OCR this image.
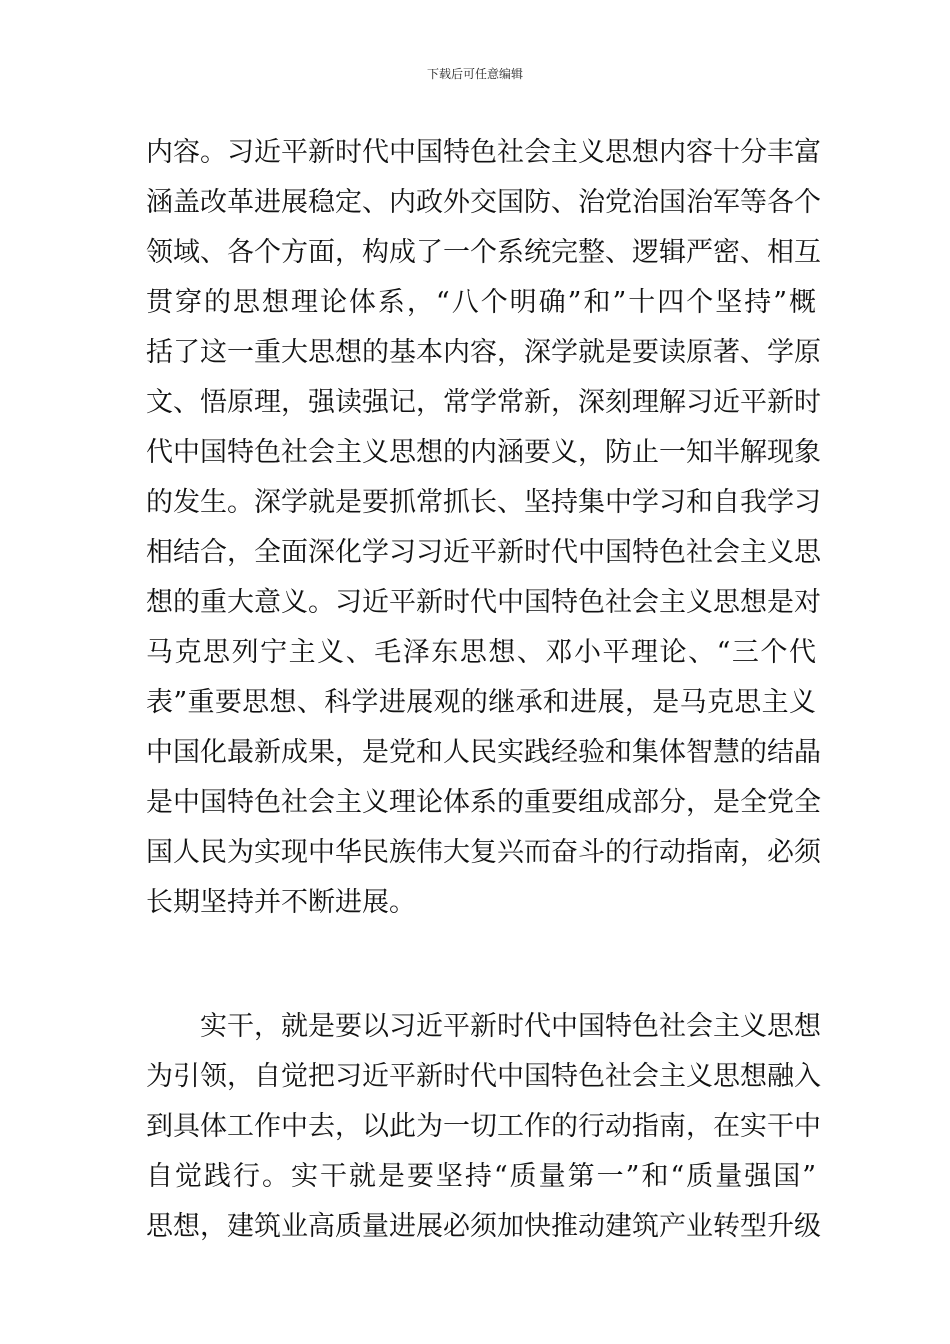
下载后可任意编辑
内容。习近平新时代中国特色社会主义思想内容十分丰富
涵盖改革进展稳定、内政外交国防、治党治国治军等各个
领域、各个方面，构成了一个系统完整、逻辑严密、相互
贯穿的思想理论体系，“八个明确”和”十四个坚持”概
括了这一重大思想的基本内容，深学就是要读原著、学原
文、悟原理，强读强记，常学常新，深刻理解习近平新时
代中国特色社会主义思想的内涵要义，防止一知半解现象
的发生。深学就是要抓常抓长、坚持集中学习和自我学习
相结合，全面深化学习习近平新时代中国特色社会主义思
想的重大意义。习近平新时代中国特色社会主义思想是对
马克思列宁主义、毛泽东思想、邓小平理论、“三个代
表”重要思想、科学进展观的继承和进展，是马克思主义
中国化最新成果，是党和人民实践经验和集体智慧的结晶
是中国特色社会主义理论体系的重要组成部分，是全党全
国人民为实现中华民族伟大复兴而奋斗的行动指南，必须
长期坚持并不断进展。
实干，就是要以习近平新时代中国特色社会主义思想
为引领，自觉把习近平新时代中国特色社会主义思想融入
到具体工作中去，以此为一切工作的行动指南，在实干中
自觉践行。实干就是要坚持“质量第一”和“质量强国”
思想，建筑业高质量进展必须加快推动建筑产业转型升级
